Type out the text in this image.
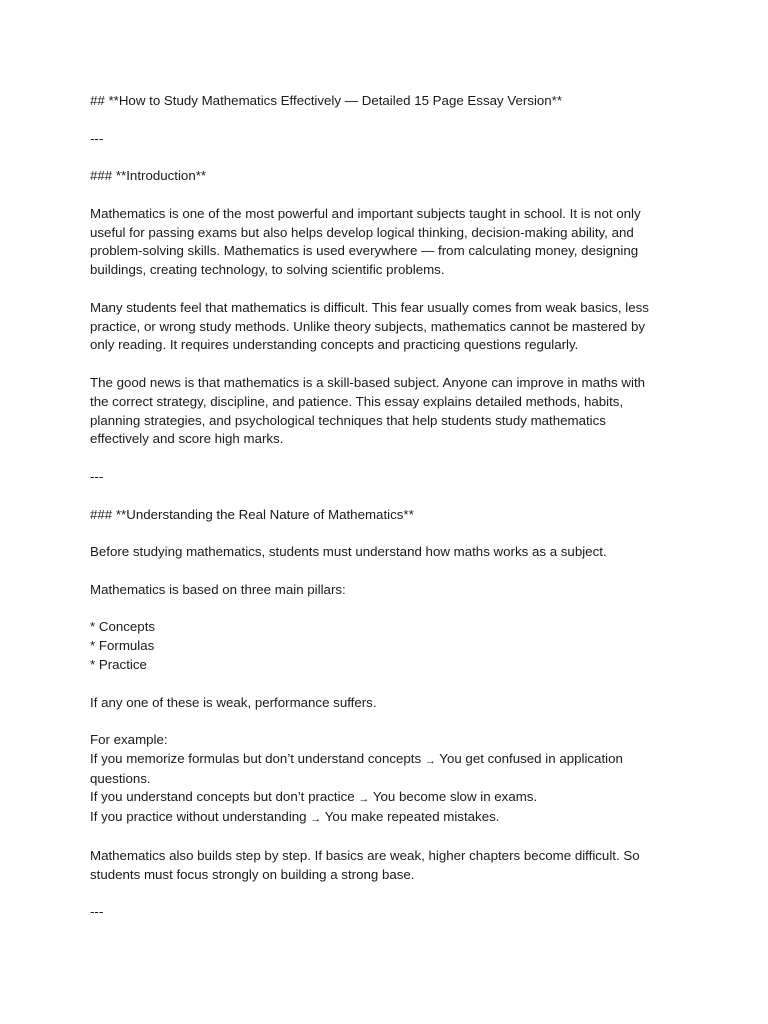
## **How to Study Mathematics Effectively — Detailed 15 Page Essay Version**

---

### **Introduction**

Mathematics is one of the most powerful and important subjects taught in school. It is not only
useful for passing exams but also helps develop logical thinking, decision-making ability, and
problem-solving skills. Mathematics is used everywhere — from calculating money, designing
buildings, creating technology, to solving scientific problems.
Many students feel that mathematics is difficult. This fear usually comes from weak basics, less
practice, or wrong study methods. Unlike theory subjects, mathematics cannot be mastered by
only reading. It requires understanding concepts and practicing questions regularly.
The good news is that mathematics is a skill-based subject. Anyone can improve in maths with
the correct strategy, discipline, and patience. This essay explains detailed methods, habits,
planning strategies, and psychological techniques that help students study mathematics
effectively and score high marks.

---

### **Understanding the Real Nature of Mathematics**

Before studying mathematics, students must understand how maths works as a subject.

Mathematics is based on three main pillars:

* Concepts
* Formulas
* Practice

If any one of these is weak, performance suffers.

For example:
If you memorize formulas but don’t understand concepts → You get confused in application
questions.
If you understand concepts but don’t practice → You become slow in exams.
If you practice without understanding → You make repeated mistakes.
Mathematics also builds step by step. If basics are weak, higher chapters become difficult. So
students must focus strongly on building a strong base.

---
